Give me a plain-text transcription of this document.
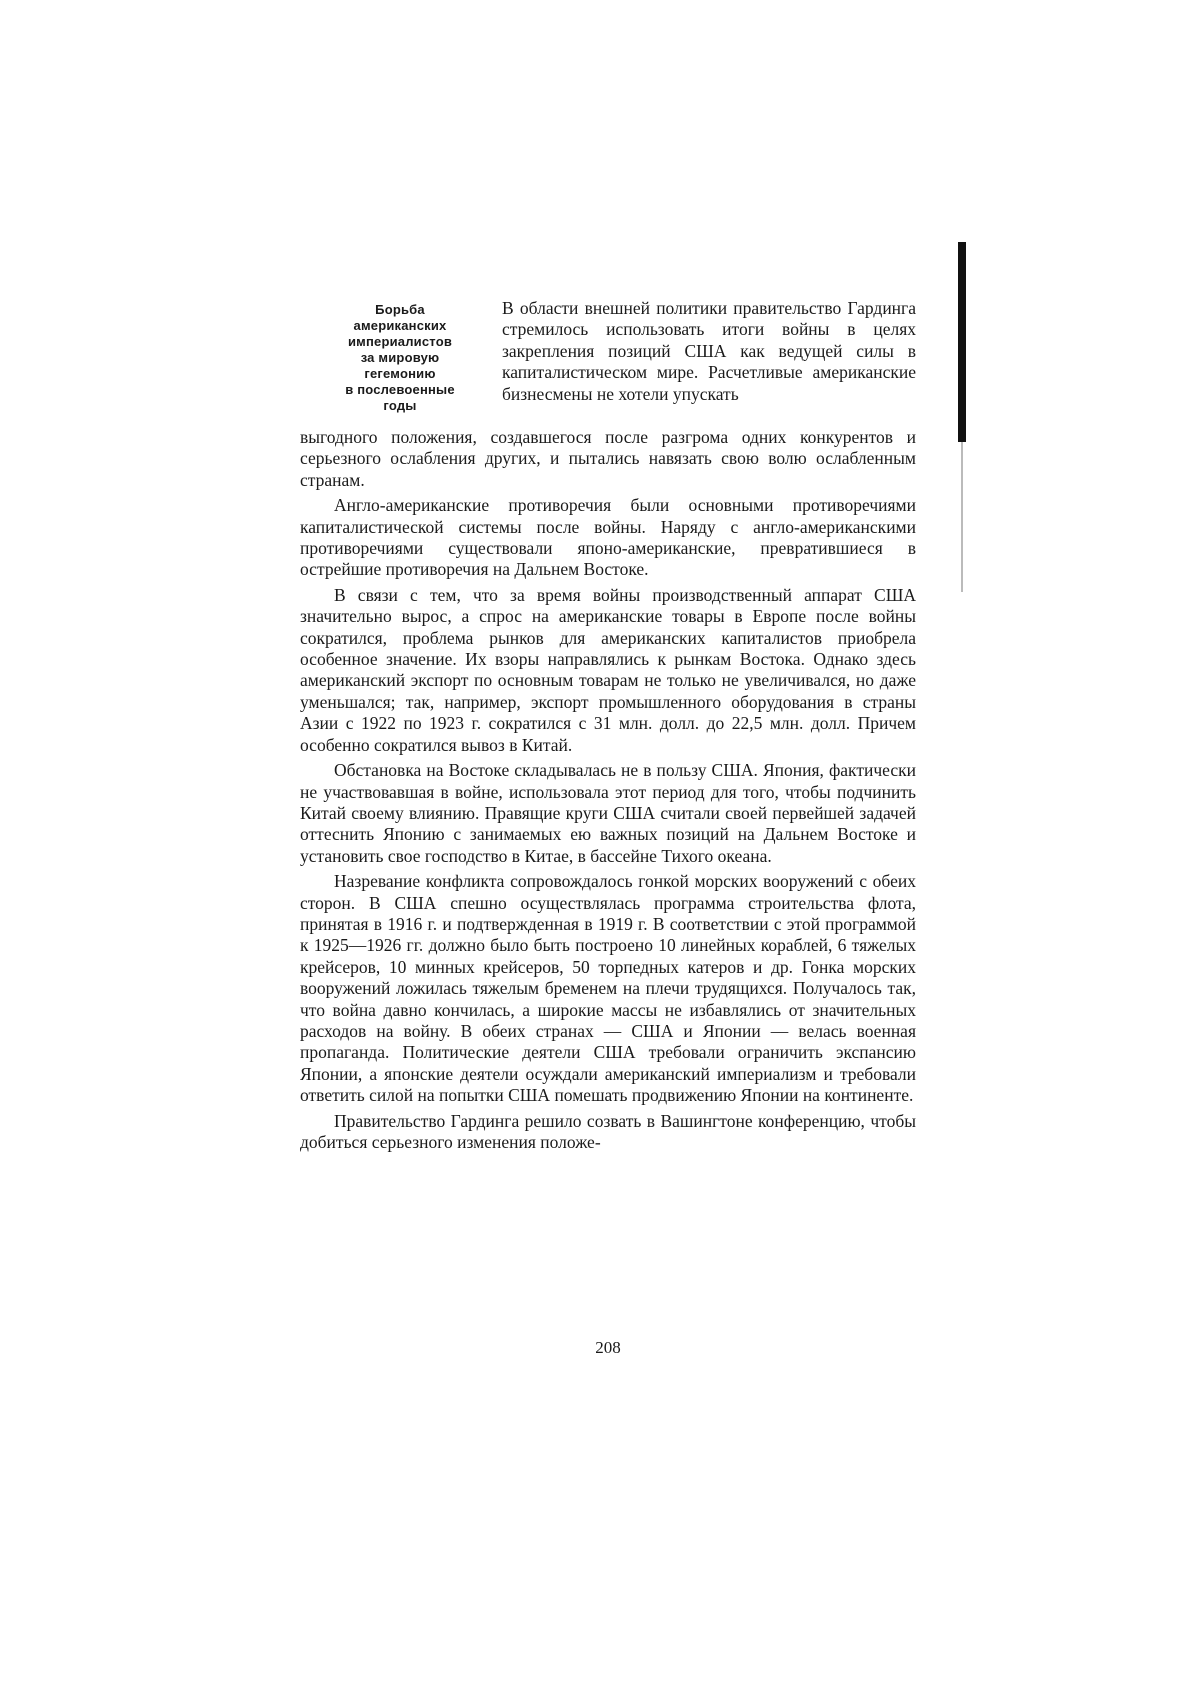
Борьба
американских
империалистов
за мировую
гегемонию
в послевоенные
годы

В области внешней политики правительство Гардинга стремилось использовать итоги войны в целях закрепления позиций США как ведущей силы в капиталистическом мире. Расчетливые американские бизнесмены не хотели упускать

выгодного положения, создавшегося после разгрома одних конкурентов и серьезного ослабления других, и пытались навязать свою волю ослабленным странам.

Англо-американские противоречия были основными противоречиями капиталистической системы после войны. Наряду с англо-американскими противоречиями существовали японо-американские, превратившиеся в острейшие противоречия на Дальнем Востоке.

В связи с тем, что за время войны производственный аппарат США значительно вырос, а спрос на американские товары в Европе после войны сократился, проблема рынков для американских капиталистов приобрела особенное значение. Их взоры направлялись к рынкам Востока. Однако здесь американский экспорт по основным товарам не только не увеличивался, но даже уменьшался; так, например, экспорт промышленного оборудования в страны Азии с 1922 по 1923 г. сократился с 31 млн. долл. до 22,5 млн. долл. Причем особенно сократился вывоз в Китай.

Обстановка на Востоке складывалась не в пользу США. Япония, фактически не участвовавшая в войне, использовала этот период для того, чтобы подчинить Китай своему влиянию. Правящие круги США считали своей первейшей задачей оттеснить Японию с занимаемых ею важных позиций на Дальнем Востоке и установить свое господство в Китае, в бассейне Тихого океана.

Назревание конфликта сопровождалось гонкой морских вооружений с обеих сторон. В США спешно осуществлялась программа строительства флота, принятая в 1916 г. и подтвержденная в 1919 г. В соответствии с этой программой к 1925—1926 гг. должно было быть построено 10 линейных кораблей, 6 тяжелых крейсеров, 10 минных крейсеров, 50 торпедных катеров и др. Гонка морских вооружений ложилась тяжелым бременем на плечи трудящихся. Получалось так, что война давно кончилась, а широкие массы не избавлялись от значительных расходов на войну. В обеих странах — США и Японии — велась военная пропаганда. Политические деятели США требовали ограничить экспансию Японии, а японские деятели осуждали американский империализм и требовали ответить силой на попытки США помешать продвижению Японии на континенте.

Правительство Гардинга решило созвать в Вашингтоне конференцию, чтобы добиться серьезного изменения положе-

208
